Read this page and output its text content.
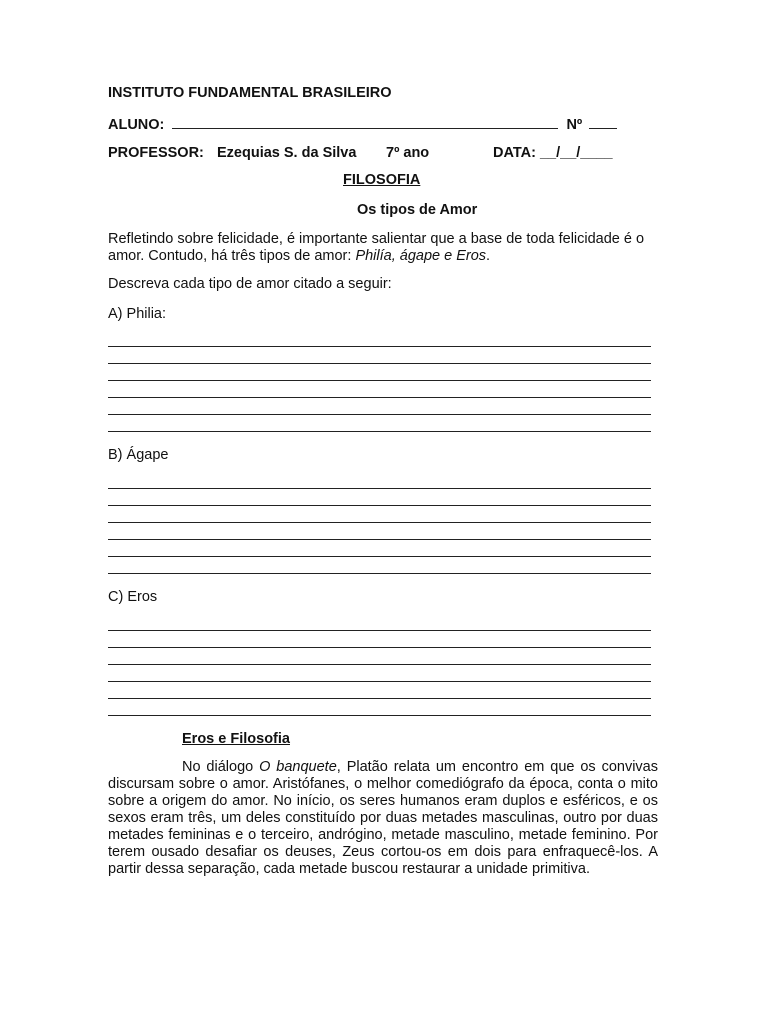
INSTITUTO FUNDAMENTAL BRASILEIRO
ALUNO:	Nº
PROFESSOR: Ezequias S. da Silva 7º ano	DATA: __/__/____
FILOSOFIA
Os tipos de Amor
Refletindo sobre felicidade, é importante salientar que a base de toda felicidade é o amor. Contudo, há três tipos de amor: Philía, ágape e Eros.
Descreva cada tipo de amor citado a seguir:
A) Philia:
B) Ágape
C) Eros
Eros e Filosofia
No diálogo O banquete, Platão relata um encontro em que os convivas discursam sobre o amor. Aristófanes, o melhor comediógrafo da época, conta o mito sobre a origem do amor. No início, os seres humanos eram duplos e esféricos, e os sexos eram três, um deles constituído por duas metades masculinas, outro por duas metades femininas e o terceiro, andrógino, metade masculino, metade feminino. Por terem ousado desafiar os deuses, Zeus cortou-os em dois para enfraquecê-los. A partir dessa separação, cada metade buscou restaurar a unidade primitiva.
